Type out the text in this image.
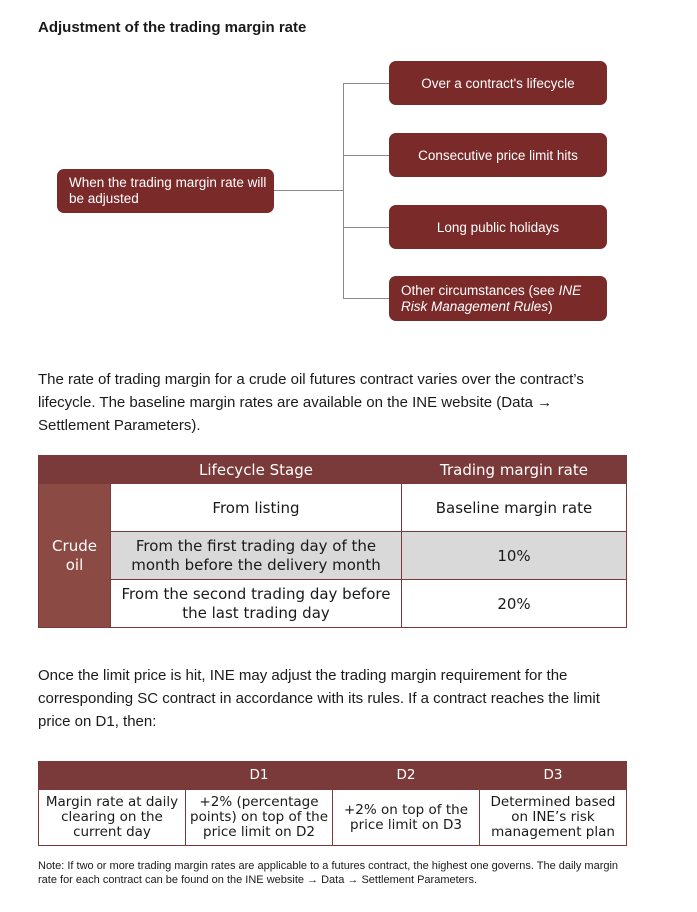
Adjustment of the trading margin rate
When the trading margin rate will be adjusted
Over a contract's lifecycle
Consecutive price limit hits
Long public holidays
Other circumstances (see INE Risk Management Rules)
The rate of trading margin for a crude oil futures contract varies over the contract’s lifecycle. The baseline margin rates are available on the INE website (Data → Settlement Parameters).
	Lifecycle Stage	Trading margin rate
Crude oil	From listing	Baseline margin rate
	From the first trading day of the month before the delivery month	10%
	From the second trading day before the last trading day	20%
Once the limit price is hit, INE may adjust the trading margin requirement for the corresponding SC contract in accordance with its rules. If a contract reaches the limit price on D1, then:
	D1	D2	D3
Margin rate at daily clearing on the current day	+2% (percentage points) on top of the price limit on D2	+2% on top of the price limit on D3	Determined based on INE’s risk management plan
Note: If two or more trading margin rates are applicable to a futures contract, the highest one governs. The daily margin rate for each contract can be found on the INE website → Data → Settlement Parameters.
